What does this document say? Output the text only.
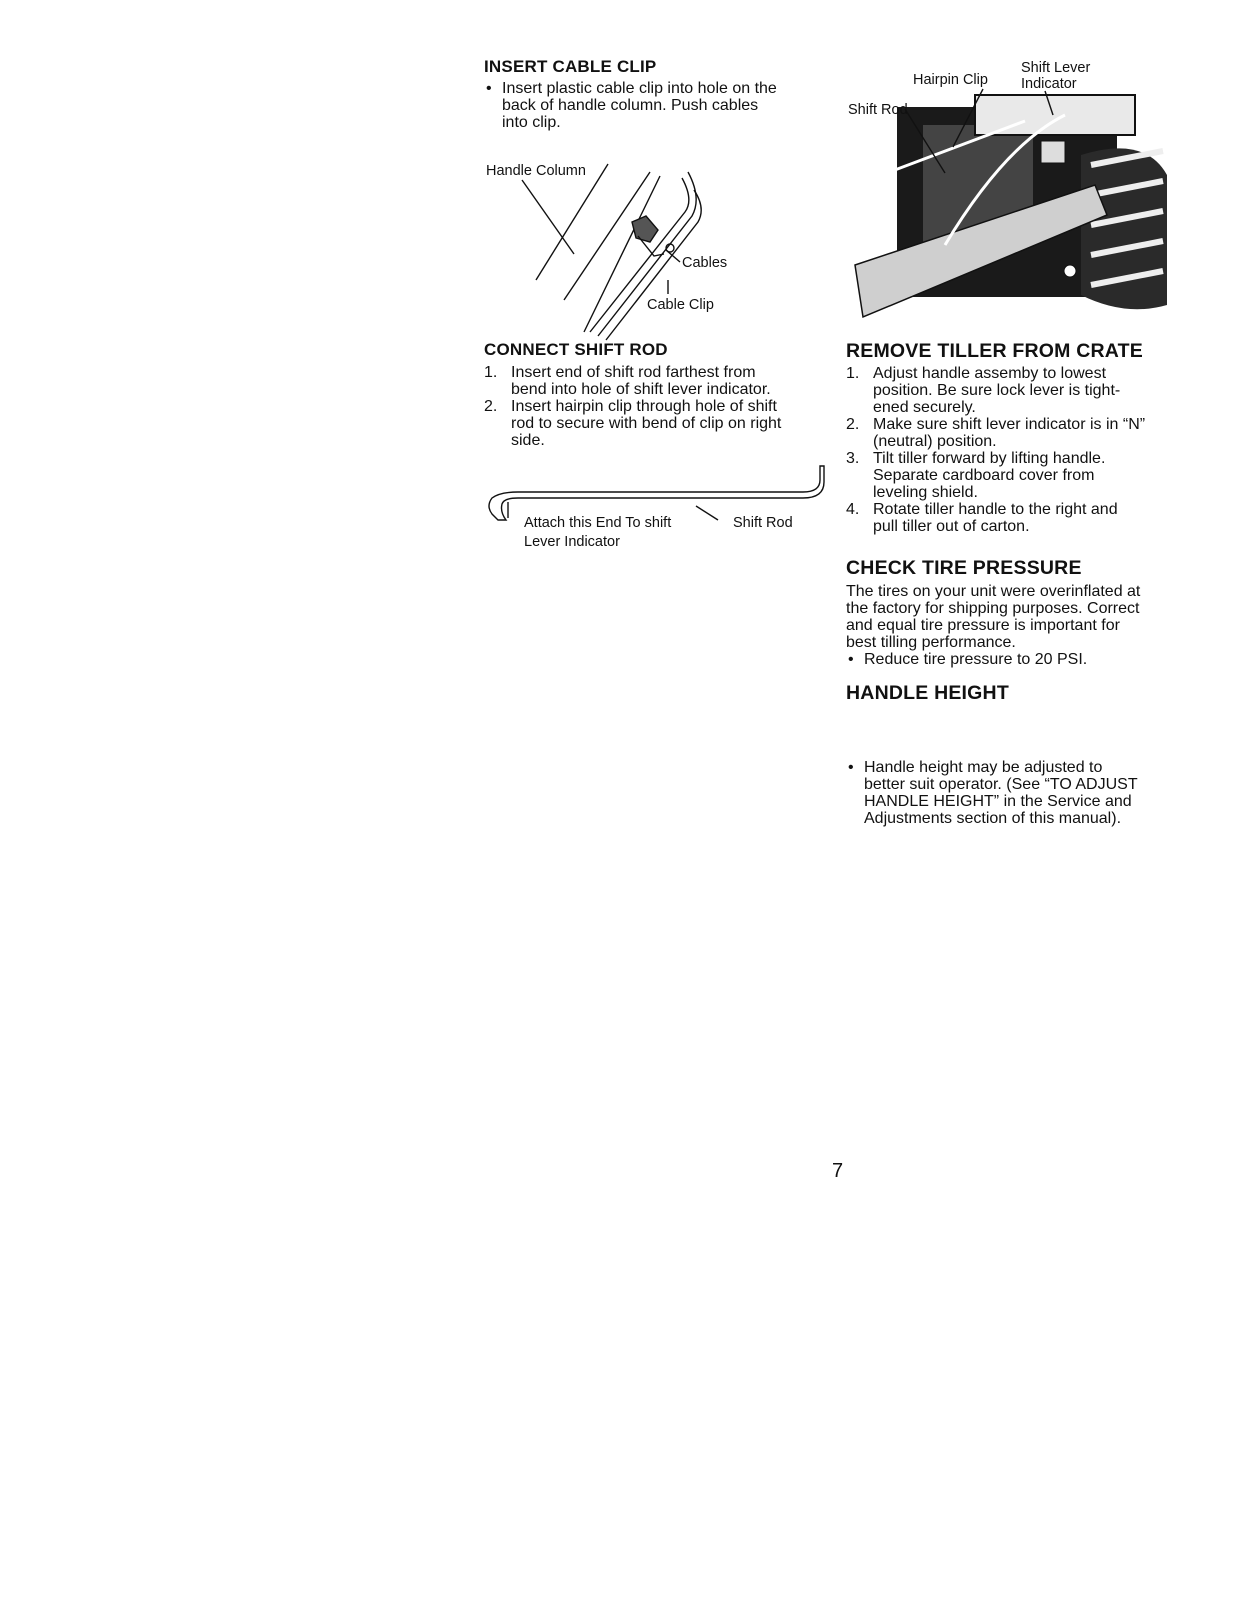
INSERT CABLE CLIP
• Insert plastic cable clip into hole on the
back of handle column. Push cables
into clip.
Handle Column
Cables
Cable Clip
CONNECT SHIFT ROD
1. Insert end of shift rod farthest from
bend into hole of shift lever indicator.
2. Insert hairpin clip through hole of shift
rod to secure with bend of clip on right
side.
Attach this End To shift
Lever Indicator
Shift Rod
Shift Rod
Hairpin Clip
Shift Lever
Indicator
REMOVE TILLER FROM CRATE
1. Adjust handle assemby to lowest
position. Be sure lock lever is tight-
ened securely.
2. Make sure shift lever indicator is in “N”
(neutral) position.
3. Tilt tiller forward by lifting handle.
Separate cardboard cover from
leveling shield.
4. Rotate tiller handle to the right and
pull tiller out of carton.
CHECK TIRE PRESSURE
The tires on your unit were overinflated at
the factory for shipping purposes. Correct
and equal tire pressure is important for
best tilling performance.
• Reduce tire pressure to 20 PSI.
HANDLE HEIGHT
• Handle height may be adjusted to
better suit operator. (See “TO ADJUST
HANDLE HEIGHT” in the Service and
Adjustments section of this manual).
7
